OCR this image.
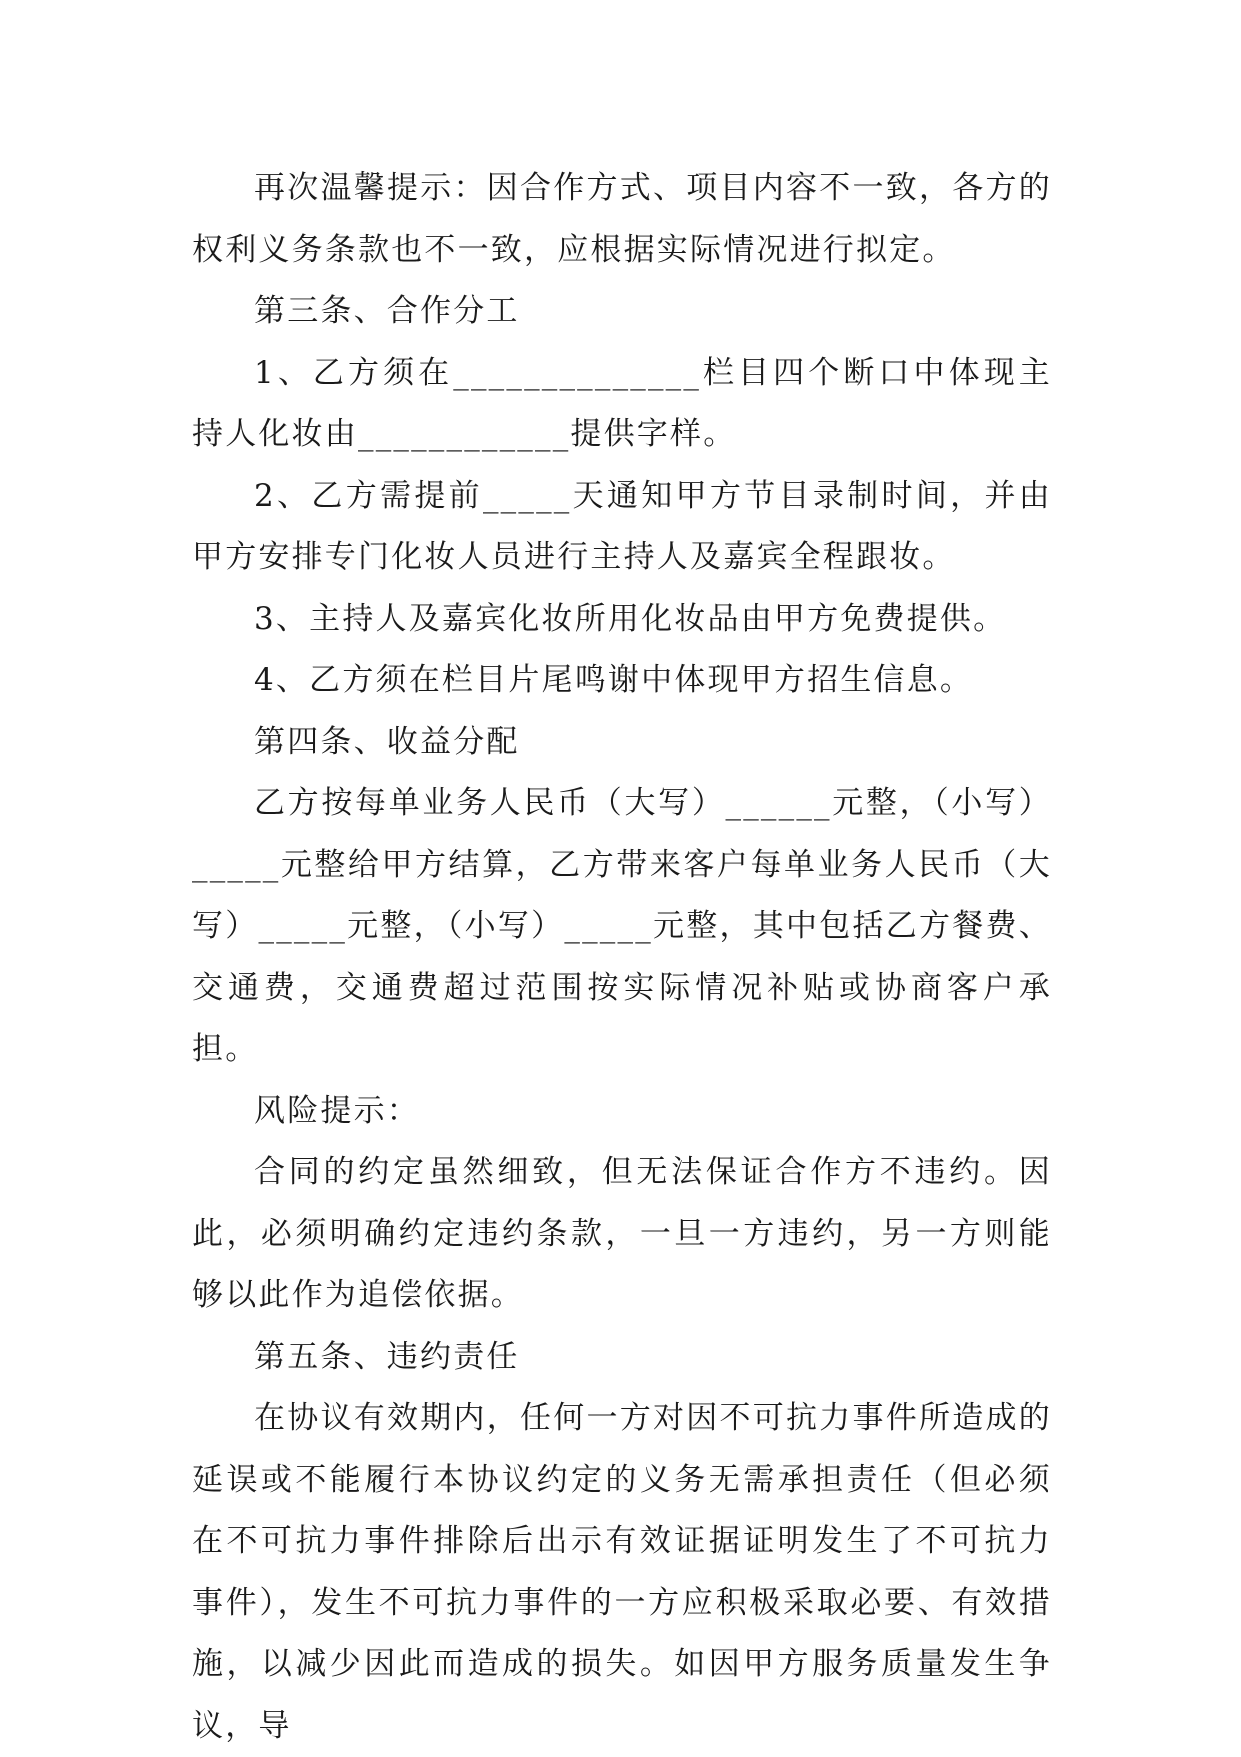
再次温馨提示：因合作方式、项目内容不一致，各方的权利义务条款也不一致，应根据实际情况进行拟定。

第三条、合作分工

1、乙方须在______________栏目四个断口中体现主持人化妆由____________提供字样。

2、乙方需提前_____天通知甲方节目录制时间，并由甲方安排专门化妆人员进行主持人及嘉宾全程跟妆。

3、主持人及嘉宾化妆所用化妆品由甲方免费提供。

4、乙方须在栏目片尾鸣谢中体现甲方招生信息。

第四条、收益分配

乙方按每单业务人民币（大写）______元整，（小写）_____元整给甲方结算，乙方带来客户每单业务人民币（大写）_____元整，（小写）_____元整，其中包括乙方餐费、交通费，交通费超过范围按实际情况补贴或协商客户承担。

风险提示：

合同的约定虽然细致，但无法保证合作方不违约。因此，必须明确约定违约条款，一旦一方违约，另一方则能够以此作为追偿依据。

第五条、违约责任

在协议有效期内，任何一方对因不可抗力事件所造成的延误或不能履行本协议约定的义务无需承担责任（但必须在不可抗力事件排除后出示有效证据证明发生了不可抗力事件），发生不可抗力事件的一方应积极采取必要、有效措施，以减少因此而造成的损失。如因甲方服务质量发生争议，导
